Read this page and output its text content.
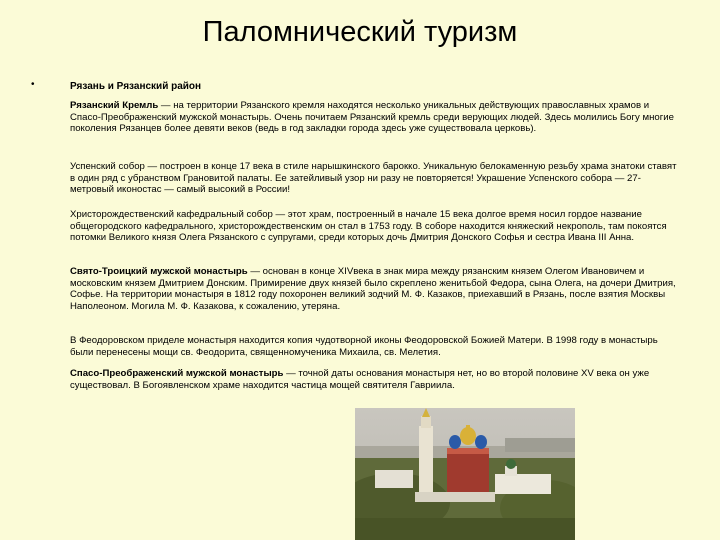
Паломнический туризм
•	Рязань и Рязанский район

Рязанский Кремль — на территории Рязанского кремля находятся несколько уникальных действующих православных храмов и Спасо-Преображенский мужской монастырь. Очень почитаем Рязанский кремль среди верующих людей. Здесь молились Богу многие поколения Рязанцев более девяти веков (ведь в год закладки города здесь уже существовала церковь).

Успенский собор — построен в конце 17 века в стиле нарышкинского барокко. Уникальную белокаменную резьбу храма знатоки ставят в один ряд с убранством Грановитой палаты. Ее затейливый узор ни разу не повторяется! Украшение Успенского собора — 27-метровый иконостас — самый высокий в России!

Христорождественский кафедральный собор — этот храм, построенный в начале 15 века долгое время носил гордое название общегородского кафедрального, христорождественским он стал в 1753 году. В соборе находится княжеский некрополь, там покоятся потомки Великого князя Олега Рязанского с супругами, среди которых дочь Дмитрия Донского Софья и сестра Ивана III Анна.

Свято-Троицкий мужской монастырь — основан в конце XIVвека в знак мира между рязанским князем Олегом Ивановичем и московским князем Дмитрием Донским. Примирение двух князей было скреплено женитьбой Федора, сына Олега, на дочери Дмитрия, Софье. На территории монастыря в 1812 году похоронен великий зодчий М. Ф. Казаков, приехавший в Рязань, после взятия Москвы Наполеоном. Могила М. Ф. Казакова, к сожалению, утеряна.

В Феодоровском приделе монастыря находится копия чудотворной иконы Феодоровской Божией Матери. В 1998 году в монастырь были перенесены мощи св. Феодорита, священномученика Михаила, св. Мелетия.

Спасо-Преображенский мужской монастырь — точной даты основания монастыря нет, но во второй половине XV века он уже существовал. В Богоявленском храме находится частица мощей святителя Гавриила.
